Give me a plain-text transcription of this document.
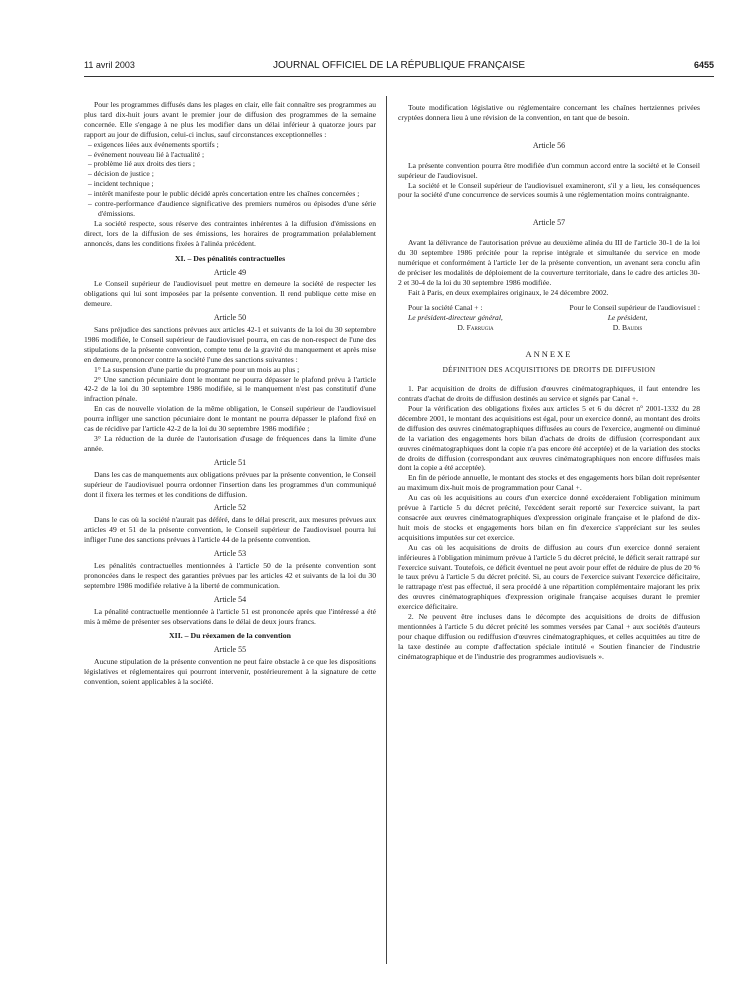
11 avril 2003	JOURNAL OFFICIEL DE LA RÉPUBLIQUE FRANÇAISE	6455

Pour les programmes diffusés dans les plages en clair, elle fait connaître ses programmes au plus tard dix-huit jours avant le premier jour de diffusion des programmes de la semaine concernée. Elle s'engage à ne plus les modifier dans un délai inférieur à quatorze jours par rapport au jour de diffusion, celui-ci inclus, sauf circonstances exceptionnelles :

– exigences liées aux événements sportifs ;
– événement nouveau lié à l'actualité ;
– problème lié aux droits des tiers ;
– décision de justice ;
– incident technique ;
– intérêt manifeste pour le public décidé après concertation entre les chaînes concernées ;
– contre-performance d'audience significative des premiers numéros ou épisodes d'une série d'émissions.

La société respecte, sous réserve des contraintes inhérentes à la diffusion d'émissions en direct, lors de la diffusion de ses émissions, les horaires de programmation préalablement annoncés, dans les conditions fixées à l'alinéa précédent.

XI. – Des pénalités contractuelles
Article 49

Le Conseil supérieur de l'audiovisuel peut mettre en demeure la société de respecter les obligations qui lui sont imposées par la présente convention. Il rend publique cette mise en demeure.

Article 50

Sans préjudice des sanctions prévues aux articles 42-1 et suivants de la loi du 30 septembre 1986 modifiée, le Conseil supérieur de l'audiovisuel pourra, en cas de non-respect de l'une des stipulations de la présente convention, compte tenu de la gravité du manquement et après mise en demeure, prononcer contre la société l'une des sanctions suivantes :

1° La suspension d'une partie du programme pour un mois au plus ;

2° Une sanction pécuniaire dont le montant ne pourra dépasser le plafond prévu à l'article 42-2 de la loi du 30 septembre 1986 modifiée, si le manquement n'est pas constitutif d'une infraction pénale.

En cas de nouvelle violation de la même obligation, le Conseil supérieur de l'audiovisuel pourra infliger une sanction pécuniaire dont le montant ne pourra dépasser le plafond fixé en cas de récidive par l'article 42-2 de la loi du 30 septembre 1986 modifiée ;

3° La réduction de la durée de l'autorisation d'usage de fréquences dans la limite d'une année.

Article 51

Dans les cas de manquements aux obligations prévues par la présente convention, le Conseil supérieur de l'audiovisuel pourra ordonner l'insertion dans les programmes d'un communiqué dont il fixera les termes et les conditions de diffusion.

Article 52

Dans le cas où la société n'aurait pas déféré, dans le délai prescrit, aux mesures prévues aux articles 49 et 51 de la présente convention, le Conseil supérieur de l'audiovisuel pourra lui infliger l'une des sanctions prévues à l'article 44 de la présente convention.

Article 53

Les pénalités contractuelles mentionnées à l'article 50 de la présente convention sont prononcées dans le respect des garanties prévues par les articles 42 et suivants de la loi du 30 septembre 1986 modifiée relative à la liberté de communication.

Article 54

La pénalité contractuelle mentionnée à l'article 51 est prononcée après que l'intéressé a été mis à même de présenter ses observations dans le délai de deux jours francs.

XII. – Du réexamen de la convention
Article 55

Aucune stipulation de la présente convention ne peut faire obstacle à ce que les dispositions législatives et réglementaires qui pourront intervenir, postérieurement à la signature de cette convention, soient applicables à la société.

Toute modification législative ou réglementaire concernant les chaînes hertziennes privées cryptées donnera lieu à une révision de la convention, en tant que de besoin.

Article 56

La présente convention pourra être modifiée d'un commun accord entre la société et le Conseil supérieur de l'audiovisuel.

La société et le Conseil supérieur de l'audiovisuel examineront, s'il y a lieu, les conséquences pour la société d'une concurrence de services soumis à une réglementation moins contraignante.

Article 57

Avant la délivrance de l'autorisation prévue au deuxième alinéa du III de l'article 30-1 de la loi du 30 septembre 1986 précitée pour la reprise intégrale et simultanée du service en mode numérique et conformément à l'article 1er de la présente convention, un avenant sera conclu afin de préciser les modalités de déploiement de la couverture territoriale, dans le cadre des articles 30-2 et 30-4 de la loi du 30 septembre 1986 modifiée.

Fait à Paris, en deux exemplaires originaux, le 24 décembre 2002.

Pour la société Canal + :
Le président-directeur général,
D. Farrugia
Pour le Conseil supérieur de l'audiovisuel :
Le président,
D. Baudis
ANNEXE
DÉFINITION DES ACQUISITIONS DE DROITS DE DIFFUSION

1. Par acquisition de droits de diffusion d'œuvres cinématographiques, il faut entendre les contrats d'achat de droits de diffusion destinés au service et signés par Canal +.

Pour la vérification des obligations fixées aux articles 5 et 6 du décret nº 2001-1332 du 28 décembre 2001, le montant des acquisitions est égal, pour un exercice donné, au montant des droits de diffusion des œuvres cinématographiques diffusées au cours de l'exercice, augmenté ou diminué de la variation des engagements hors bilan d'achats de droits de diffusion (correspondant aux œuvres cinématographiques dont la copie n'a pas encore été acceptée) et de la variation des stocks de droits de diffusion (correspondant aux œuvres cinématographiques non encore diffusées mais dont la copie a été acceptée).

En fin de période annuelle, le montant des stocks et des engagements hors bilan doit représenter au maximum dix-huit mois de programmation pour Canal +.

Au cas où les acquisitions au cours d'un exercice donné excéderaient l'obligation minimum prévue à l'article 5 du décret précité, l'excédent serait reporté sur l'exercice suivant, la part consacrée aux œuvres cinématographiques d'expression originale française et le plafond de dix-huit mois de stocks et engagements hors bilan en fin d'exercice s'appréciant sur les seules acquisitions imputées sur cet exercice.

Au cas où les acquisitions de droits de diffusion au cours d'un exercice donné seraient inférieures à l'obligation minimum prévue à l'article 5 du décret précité, le déficit serait rattrapé sur l'exercice suivant. Toutefois, ce déficit éventuel ne peut avoir pour effet de réduire de plus de 20 % le taux prévu à l'article 5 du décret précité. Si, au cours de l'exercice suivant l'exercice déficitaire, le rattrapage n'est pas effectué, il sera procédé à une répartition complémentaire majorant les prix des œuvres cinématographiques d'expression originale française acquises durant le premier exercice déficitaire.

2. Ne peuvent être incluses dans le décompte des acquisitions de droits de diffusion mentionnées à l'article 5 du décret précité les sommes versées par Canal + aux sociétés d'auteurs pour chaque diffusion ou rediffusion d'œuvres cinématographiques, et celles acquittées au titre de la taxe destinée au compte d'affectation spéciale intitulé « Soutien financier de l'industrie cinématographique et de l'industrie des programmes audiovisuels ».
